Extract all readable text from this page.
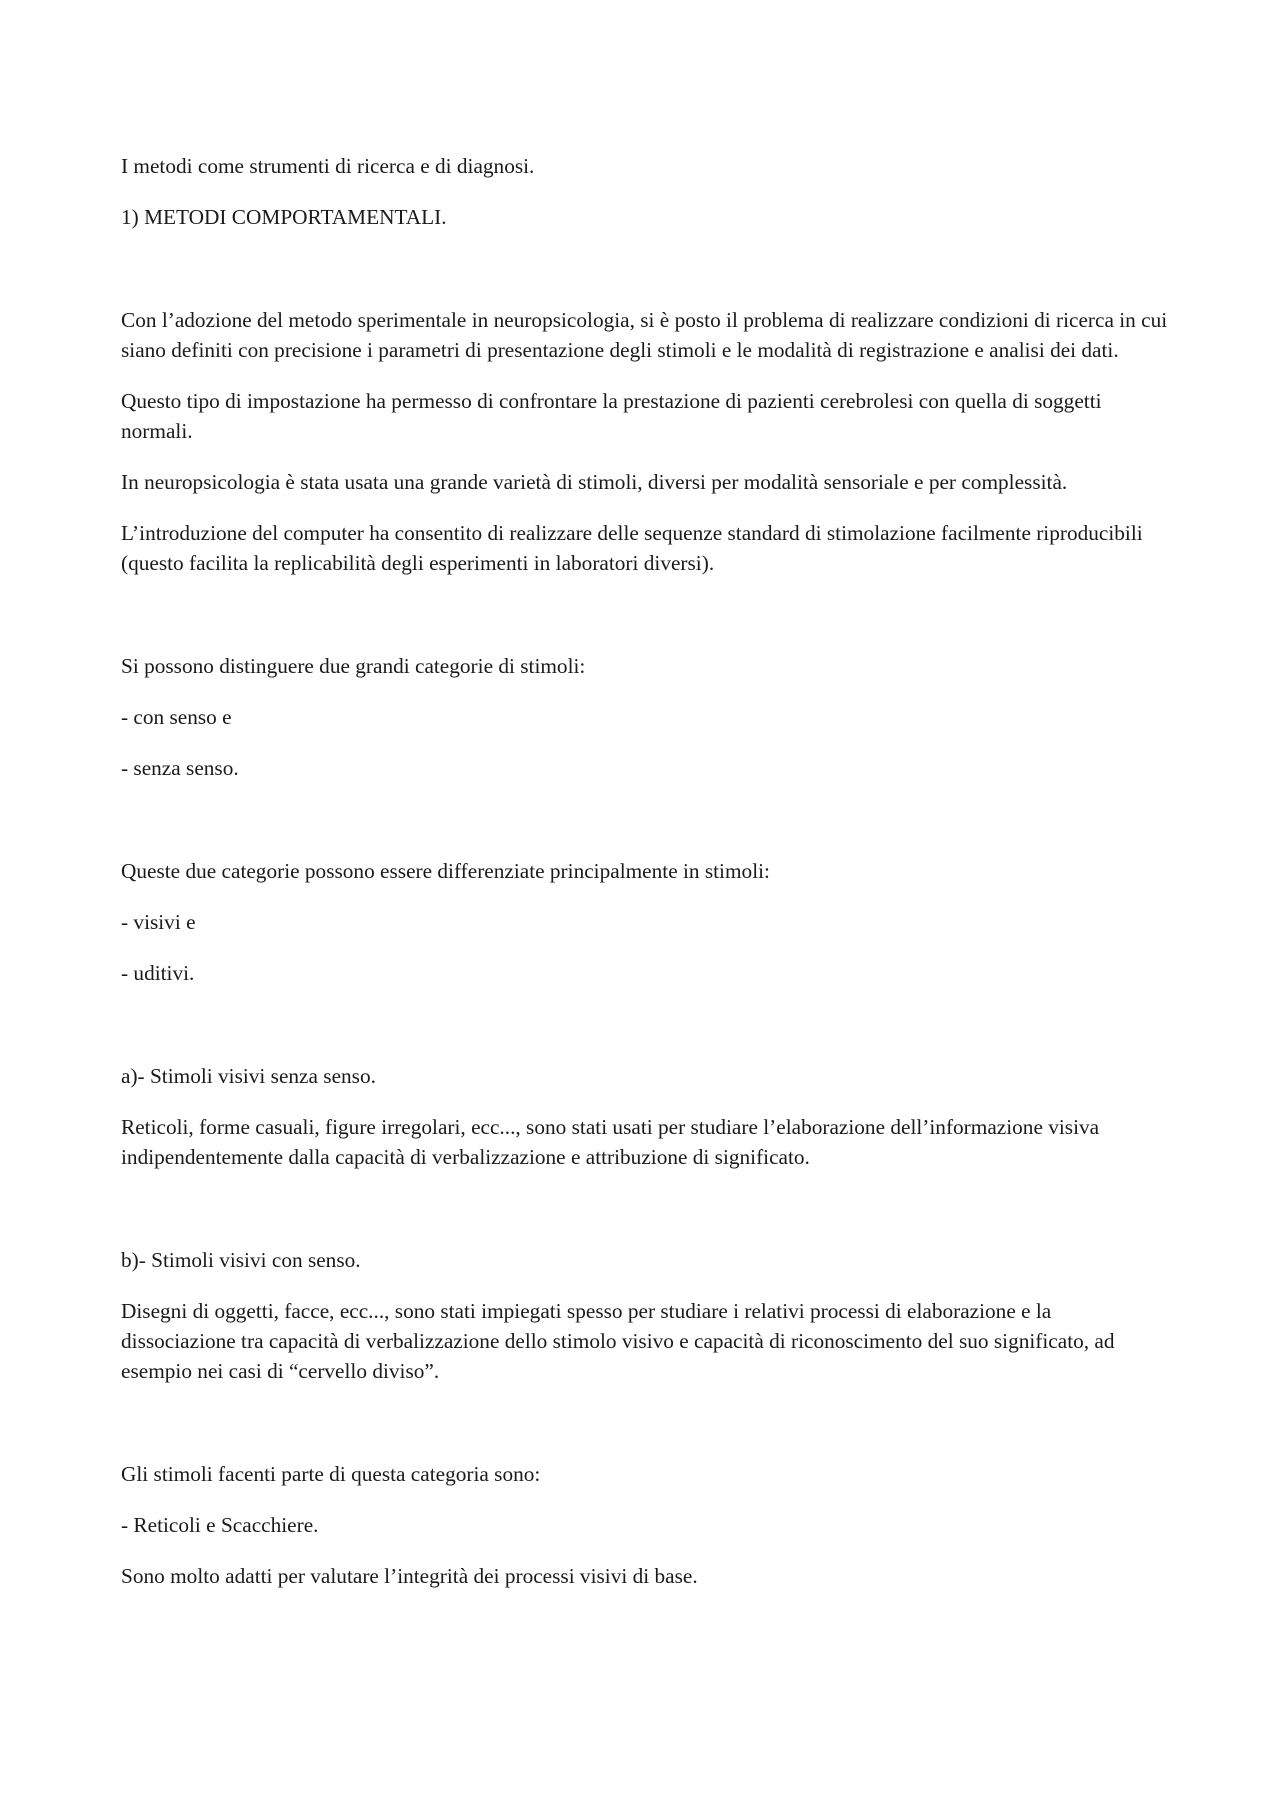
I metodi come strumenti di ricerca e di diagnosi.

1) METODI COMPORTAMENTALI.

Con l’adozione del metodo sperimentale in neuropsicologia, si è posto il problema di realizzare condizioni di ricerca in cui siano definiti con precisione i parametri di presentazione degli stimoli e le modalità di registrazione e analisi dei dati.

Questo tipo di impostazione ha permesso di confrontare la prestazione di pazienti cerebrolesi con quella di soggetti normali.

In neuropsicologia è stata usata una grande varietà di stimoli, diversi per modalità sensoriale e per complessità.

L’introduzione del computer ha consentito di realizzare delle sequenze standard di stimolazione facilmente riproducibili (questo facilita la replicabilità degli esperimenti in laboratori diversi).

Si possono distinguere due grandi categorie di stimoli:

- con senso e

- senza senso.

Queste due categorie possono essere differenziate principalmente in stimoli:

- visivi e

- uditivi.

a)- Stimoli visivi senza senso.

Reticoli, forme casuali, figure irregolari, ecc..., sono stati usati per studiare l’elaborazione dell’informazione visiva indipendentemente dalla capacità di verbalizzazione e attribuzione di significato.

b)- Stimoli visivi con senso.

Disegni di oggetti, facce, ecc..., sono stati impiegati spesso per studiare i relativi processi di elaborazione e la dissociazione tra capacità di verbalizzazione dello stimolo visivo e capacità di riconoscimento del suo significato, ad esempio nei casi di “cervello diviso”.

Gli stimoli facenti parte di questa categoria sono:

- Reticoli e Scacchiere.

Sono molto adatti per valutare l’integrità dei processi visivi di base.
